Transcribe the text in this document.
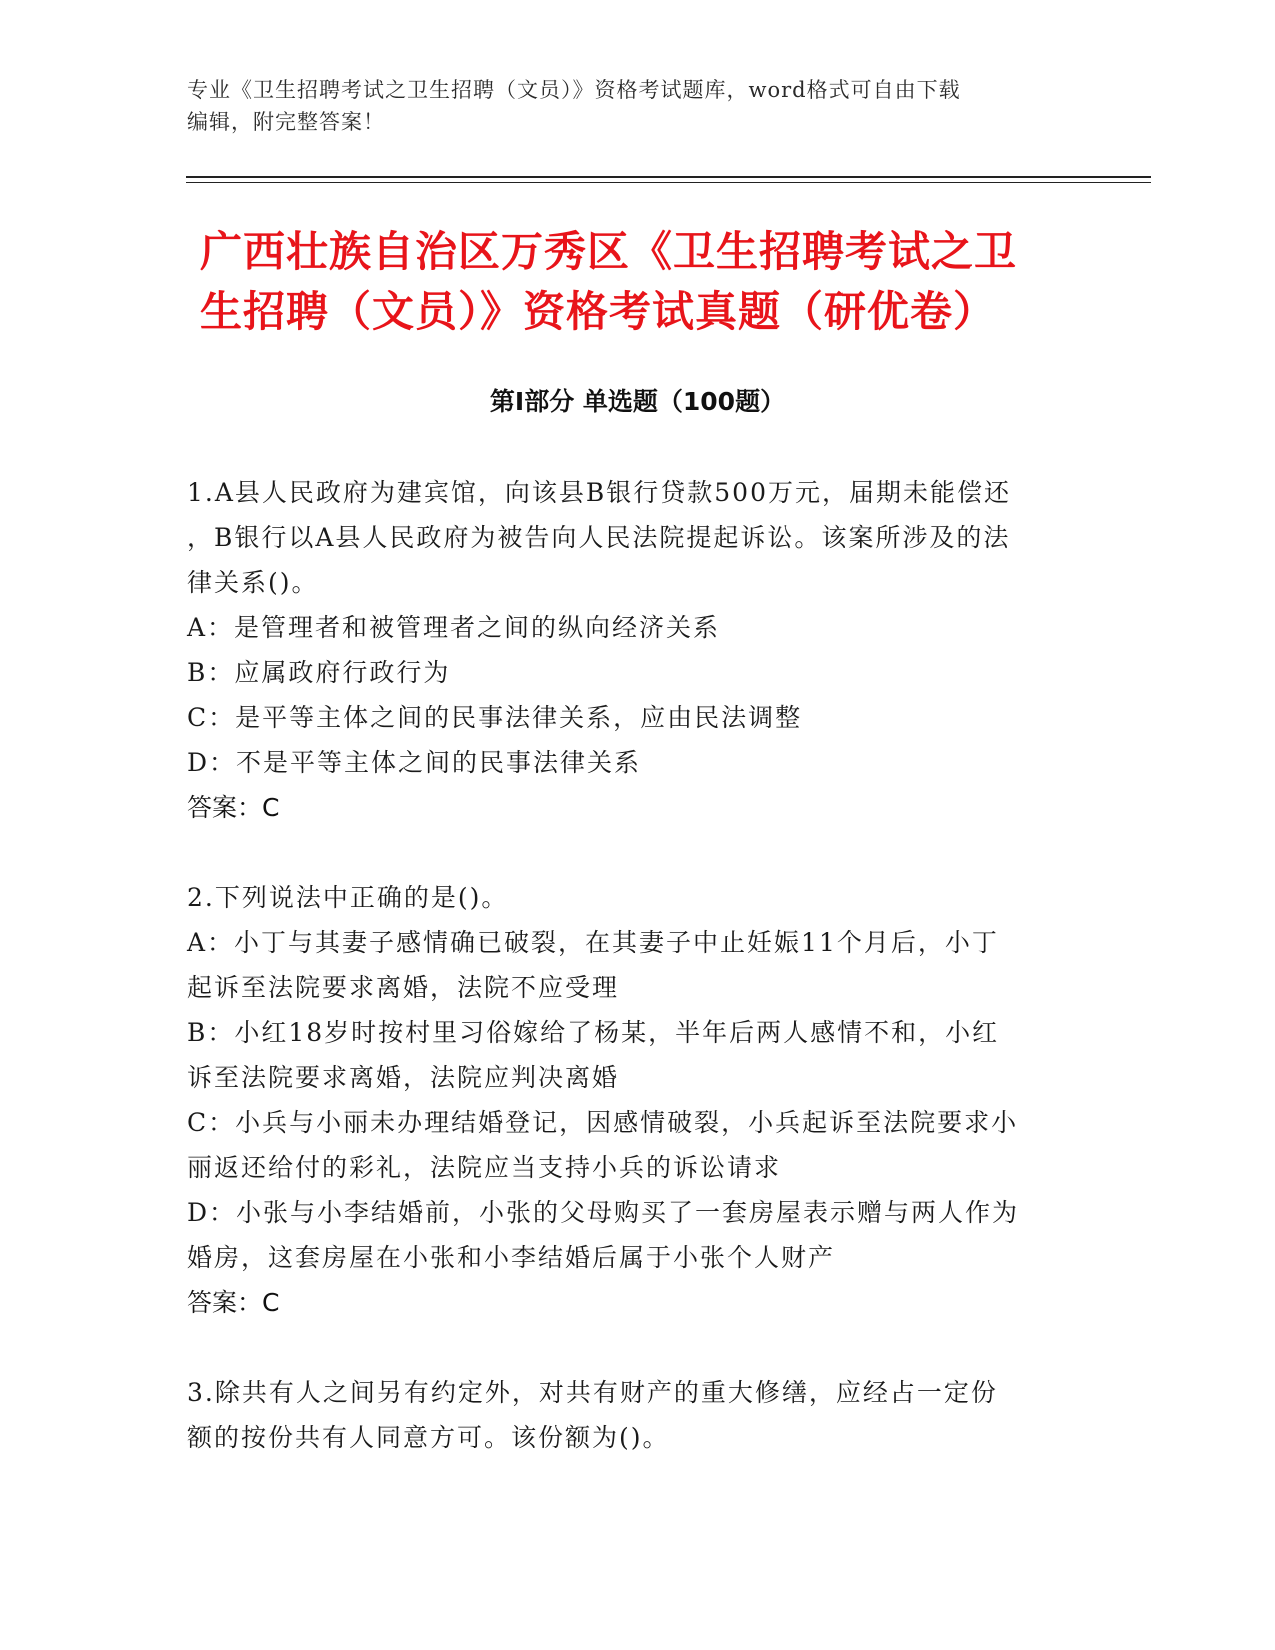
专业《卫生招聘考试之卫生招聘（文员）》资格考试题库，word格式可自由下载
编辑，附完整答案！
广西壮族自治区万秀区《卫生招聘考试之卫
生招聘（文员）》资格考试真题（研优卷）
第Ⅰ部分 单选题（100题）
1.A县人民政府为建宾馆，向该县B银行贷款500万元，届期未能偿还
，B银行以A县人民政府为被告向人民法院提起诉讼。该案所涉及的法
律关系()。
A：是管理者和被管理者之间的纵向经济关系
B：应属政府行政行为
C：是平等主体之间的民事法律关系，应由民法调整
D：不是平等主体之间的民事法律关系
答案：C
2.下列说法中正确的是()。
A：小丁与其妻子感情确已破裂，在其妻子中止妊娠11个月后，小丁
起诉至法院要求离婚，法院不应受理
B：小红18岁时按村里习俗嫁给了杨某，半年后两人感情不和，小红
诉至法院要求离婚，法院应判决离婚
C：小兵与小丽未办理结婚登记，因感情破裂，小兵起诉至法院要求小
丽返还给付的彩礼，法院应当支持小兵的诉讼请求
D：小张与小李结婚前，小张的父母购买了一套房屋表示赠与两人作为
婚房，这套房屋在小张和小李结婚后属于小张个人财产
答案：C
3.除共有人之间另有约定外，对共有财产的重大修缮，应经占一定份
额的按份共有人同意方可。该份额为()。
